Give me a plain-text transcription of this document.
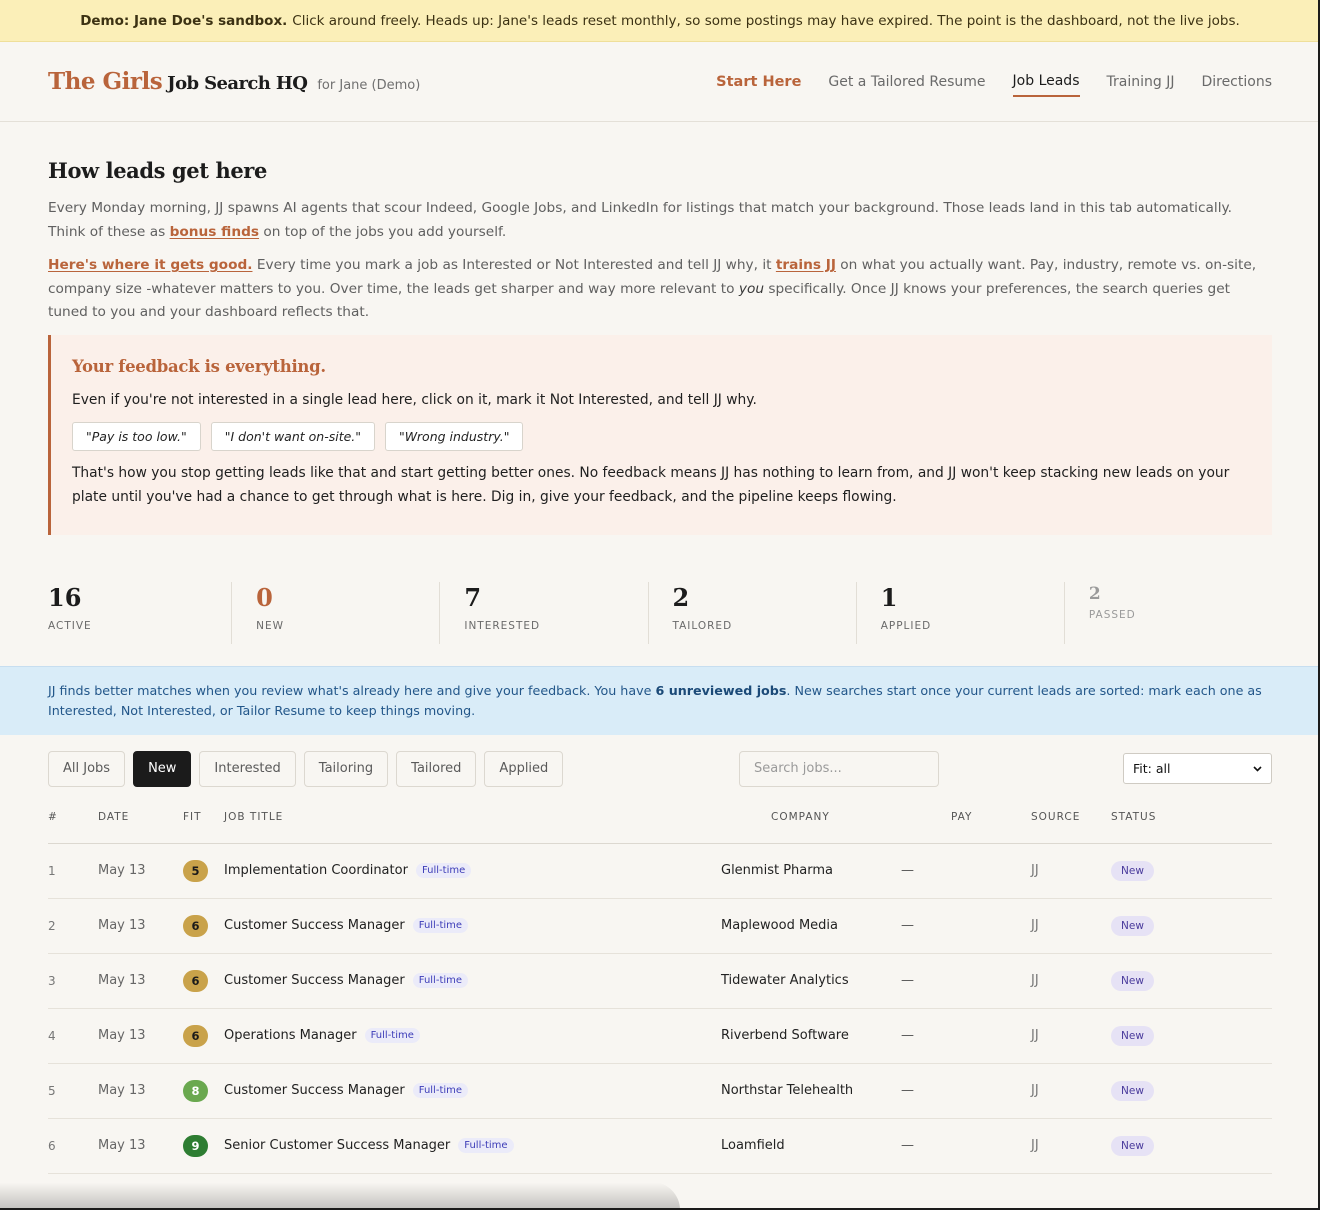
Demo: Jane Doe's sandbox. Click around freely. Heads up: Jane's leads reset monthly, so some postings may have expired. The point is the dashboard, not the live jobs.
The Girls Job Search HQ for Jane (Demo)	Start Here Get a Tailored Resume Job Leads Training JJ Directions
How leads get here

Every Monday morning, JJ spawns AI agents that scour Indeed, Google Jobs, and LinkedIn for listings that match your background. Those leads land in this tab automatically. Think of these as bonus finds on top of the jobs you add yourself.

Here's where it gets good. Every time you mark a job as Interested or Not Interested and tell JJ why, it trains JJ on what you actually want. Pay, industry, remote vs. on-site, company size -whatever matters to you. Over time, the leads get sharper and way more relevant to you specifically. Once JJ knows your preferences, the search queries get tuned to you and your dashboard reflects that.

Your feedback is everything.
Even if you're not interested in a single lead here, click on it, mark it Not Interested, and tell JJ why.
"Pay is too low."	"I don't want on-site."	"Wrong industry."
That's how you stop getting leads like that and start getting better ones. No feedback means JJ has nothing to learn from, and JJ won't keep stacking new leads on your plate until you've had a chance to get through what is here. Dig in, give your feedback, and the pipeline keeps flowing.
16
ACTIVE
0
NEW
7
INTERESTED
2
TAILORED
1
APPLIED
2
PASSED
JJ finds better matches when you review what's already here and give your feedback. You have 6 unreviewed jobs. New searches start once your current leads are sorted: mark each one as Interested, Not Interested, or Tailor Resume to keep things moving.
All Jobs	New	Interested	Tailoring	Tailored	Applied
Search jobs...	Fit: all
#	DATE	FIT	JOB TITLE	COMPANY	PAY	SOURCE	STATUS
1	May 13	5	Implementation Coordinator	Full-time	Glenmist Pharma	—	JJ	New
2	May 13	6	Customer Success Manager	Full-time	Maplewood Media	—	JJ	New
3	May 13	6	Customer Success Manager	Full-time	Tidewater Analytics	—	JJ	New
4	May 13	6	Operations Manager	Full-time	Riverbend Software	—	JJ	New
5	May 13	8	Customer Success Manager	Full-time	Northstar Telehealth	—	JJ	New
6	May 13	9	Senior Customer Success Manager	Full-time	Loamfield	—	JJ	New
